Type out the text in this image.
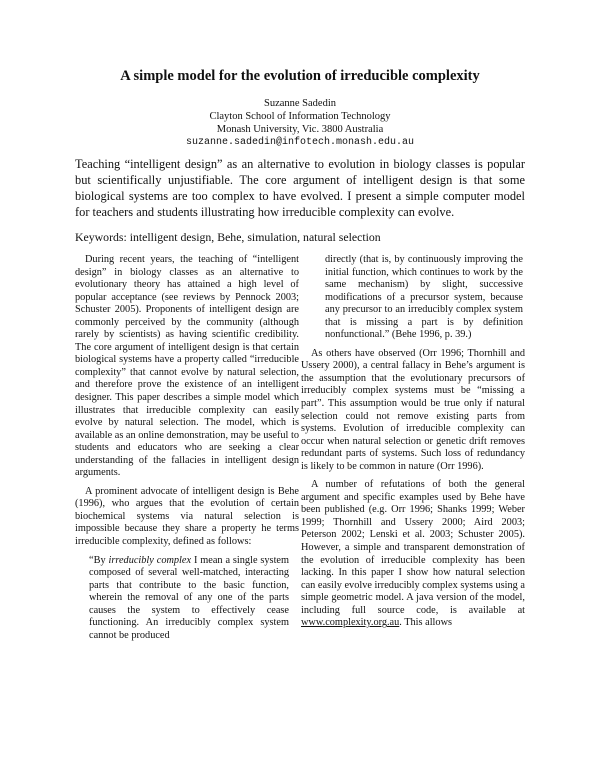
A simple model for the evolution of irreducible complexity
Suzanne Sadedin
Clayton School of Information Technology
Monash University, Vic. 3800 Australia
suzanne.sadedin@infotech.monash.edu.au
Teaching “intelligent design” as an alternative to evolution in biology classes is popular but scientifically unjustifiable. The core argument of intelligent design is that some biological systems are too complex to have evolved. I present a simple computer model for teachers and students illustrating how irreducible complexity can evolve.
Keywords: intelligent design, Behe, simulation, natural selection

During recent years, the teaching of “intelligent design” in biology classes as an alternative to evolutionary theory has attained a high level of popular acceptance (see reviews by Pennock 2003; Schuster 2005). Proponents of intelligent design are commonly perceived by the community (although rarely by scientists) as having scientific credibility. The core argument of intelligent design is that certain biological systems have a property called “irreducible complexity” that cannot evolve by natural selection, and therefore prove the existence of an intelligent designer. This paper describes a simple model which illustrates that irreducible complexity can easily evolve by natural selection. The model, which is available as an online demonstration, may be useful to students and educators who are seeking a clear understanding of the fallacies in intelligent design arguments.

A prominent advocate of intelligent design is Behe (1996), who argues that the evolution of certain biochemical systems via natural selection is impossible because they share a property he terms irreducible complexity, defined as follows:

“By irreducibly complex I mean a single system composed of several well-matched, interacting parts that contribute to the basic function, wherein the removal of any one of the parts causes the system to effectively cease functioning. An irreducibly complex system cannot be produced

directly (that is, by continuously improving the initial function, which continues to work by the same mechanism) by slight, successive modifications of a precursor system, because any precursor to an irreducibly complex system that is missing a part is by definition nonfunctional.” (Behe 1996, p. 39.)

As others have observed (Orr 1996; Thornhill and Ussery 2000), a central fallacy in Behe’s argument is the assumption that the evolutionary precursors of irreducibly complex systems must be “missing a part”. This assumption would be true only if natural selection could not remove existing parts from systems. Evolution of irreducible complexity can occur when natural selection or genetic drift removes redundant parts of systems. Such loss of redundancy is likely to be common in nature (Orr 1996).

A number of refutations of both the general argument and specific examples used by Behe have been published (e.g. Orr 1996; Shanks 1999; Weber 1999; Thornhill and Ussery 2000; Aird 2003; Peterson 2002; Lenski et al. 2003; Schuster 2005). However, a simple and transparent demonstration of the evolution of irreducible complexity has been lacking. In this paper I show how natural selection can easily evolve irreducibly complex systems using a simple geometric model. A java version of the model, including full source code, is available at www.complexity.org.au. This allows
